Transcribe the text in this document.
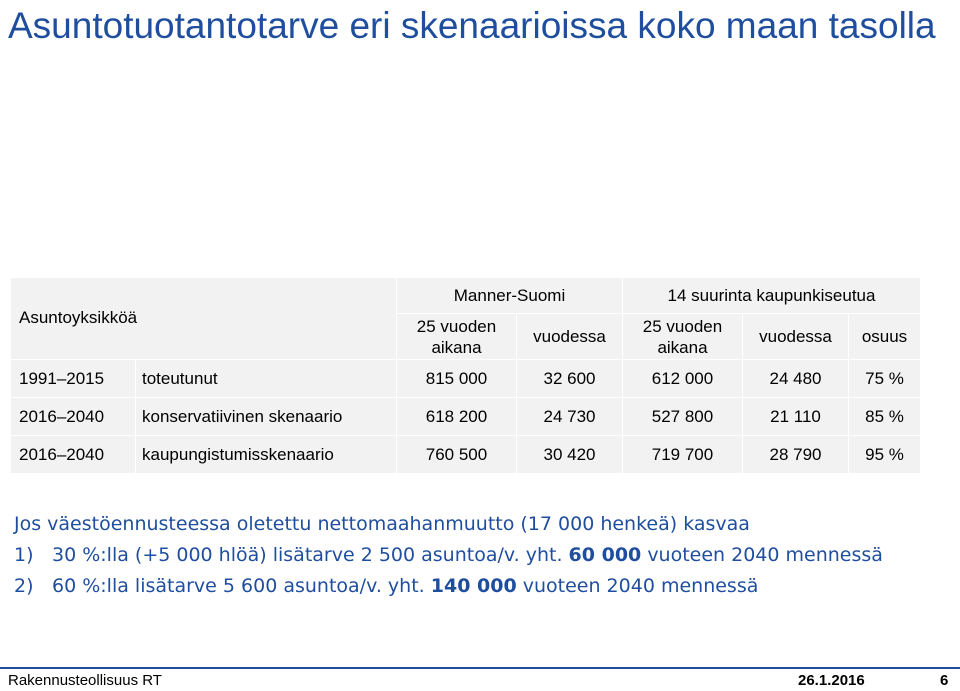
Asuntotuotantotarve eri skenaarioissa koko maan tasolla
Asuntoyksikköä		Manner-Suomi		14 suurinta kaupunkiseutua		
		25 vuoden aikana	vuodessa	25 vuoden aikana	vuodessa	osuus
1991–2015	toteutunut	815 000	32 600	612 000	24 480	75 %
2016–2040	konservatiivinen skenaario	618 200	24 730	527 800	21 110	85 %
2016–2040	kaupungistumisskenaario	760 500	30 420	719 700	28 790	95 %
Jos väestöennusteessa oletettu nettomaahanmuutto (17 000 henkeä) kasvaa
1) 30 %:lla (+5 000 hlöä) lisätarve 2 500 asuntoa/v. yht. 60 000 vuoteen 2040 mennessä
2) 60 %:lla lisätarve 5 600 asuntoa/v. yht. 140 000 vuoteen 2040 mennessä
Rakennusteollisuus RT	26.1.2016	6
